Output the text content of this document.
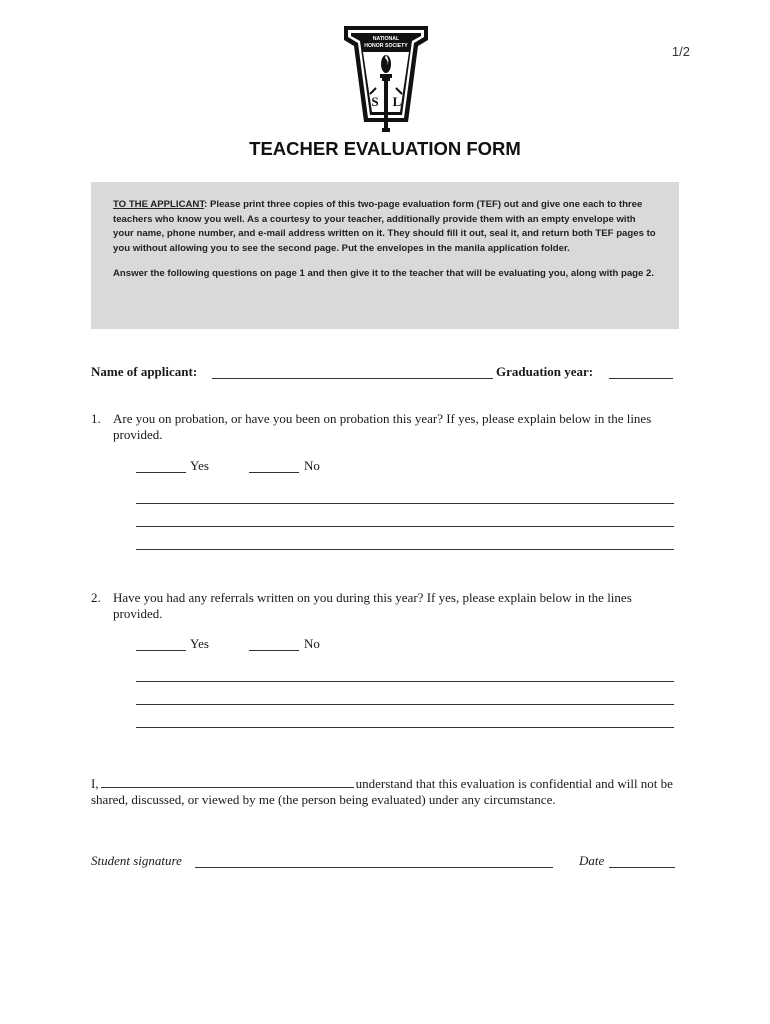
1/2
NATIONAL
HONOR SOCIETY
S L
TEACHER EVALUATION FORM

TO THE APPLICANT: Please print three copies of this two-page evaluation form (TEF) out and give one each to three teachers who know you well. As a courtesy to your teacher, additionally provide them with an empty envelope with your name, phone number, and e-mail address written on it. They should fill it out, seal it, and return both TEF pages to you without allowing you to see the second page. Put the envelopes in the manila application folder.

Answer the following questions on page 1 and then give it to the teacher that will be evaluating you, along with page 2.

Name of applicant:	Graduation year:
1. Are you on probation, or have you been on probation this year? If yes, please explain below in the lines provided.
Yes	No
2. Have you had any referrals written on you during this year? If yes, please explain below in the lines provided.
Yes	No
I,	understand that this evaluation is confidential and will not be shared, discussed, or viewed by me (the person being evaluated) under any circumstance.
Student signature	Date
